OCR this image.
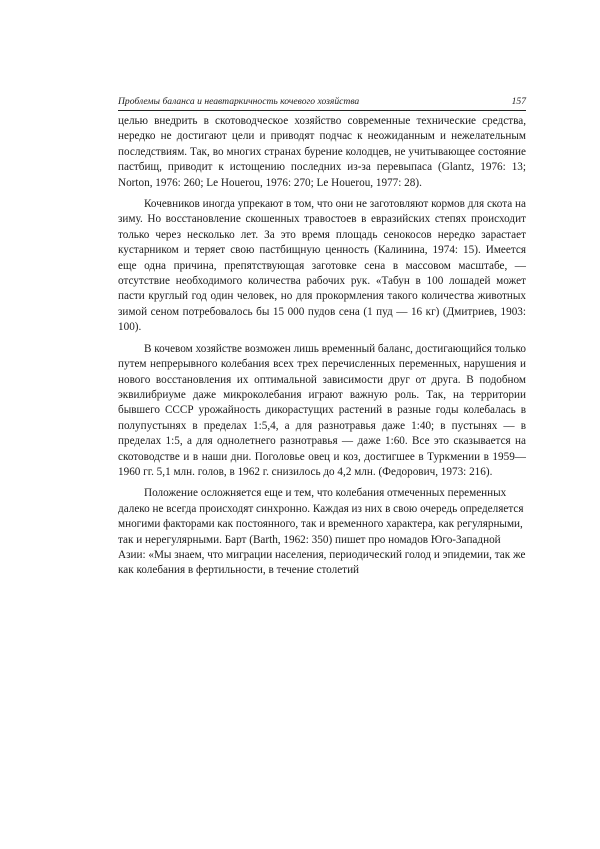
Проблемы баланса и неавтаркичность кочевого хозяйства	157

целью внедрить в скотоводческое хозяйство современные технические средства, нередко не достигают цели и приводят подчас к неожиданным и нежелательным последствиям. Так, во многих странах бурение колодцев, не учитывающее состояние пастбищ, приводит к истощению последних из-за перевыпаса (Glantz, 1976: 13; Norton, 1976: 260; Le Houerou, 1976: 270; Le Houerou, 1977: 28).

Кочевников иногда упрекают в том, что они не заготовляют кормов для скота на зиму. Но восстановление скошенных травостоев в евразийских степях происходит только через несколько лет. За это время площадь сенокосов нередко зарастает кустарником и теряет свою пастбищную ценность (Калинина, 1974: 15). Имеется еще одна причина, препятствующая заготовке сена в массовом масштабе, — отсутствие необходимого количества рабочих рук. «Табун в 100 лошадей может пасти круглый год один человек, но для прокормления такого количества животных зимой сеном потребовалось бы 15 000 пудов сена (1 пуд — 16 кг) (Дмитриев, 1903: 100).

В кочевом хозяйстве возможен лишь временный баланс, достигающийся только путем непрерывного колебания всех трех перечисленных переменных, нарушения и нового восстановления их оптимальной зависимости друг от друга. В подобном эквилибриуме даже микроколебания играют важную роль. Так, на территории бывшего СССР урожайность дикорастущих растений в разные годы колебалась в полупустынях в пределах 1:5,4, а для разнотравья даже 1:40; в пустынях — в пределах 1:5, а для однолетнего разнотравья — даже 1:60. Все это сказывается на скотоводстве и в наши дни. Поголовье овец и коз, достигшее в Туркмении в 1959—1960 гг. 5,1 млн. голов, в 1962 г. снизилось до 4,2 млн. (Федорович, 1973: 216).

Положение осложняется еще и тем, что колебания отмеченных переменных далеко не всегда происходят синхронно. Каждая из них в свою очередь определяется многими факторами как постоянного, так и временного характера, как регулярными, так и нерегулярными. Барт (Barth, 1962: 350) пишет про номадов Юго-Западной Азии: «Мы знаем, что миграции населения, периодический голод и эпидемии, так же как колебания в фертильности, в течение столетий
